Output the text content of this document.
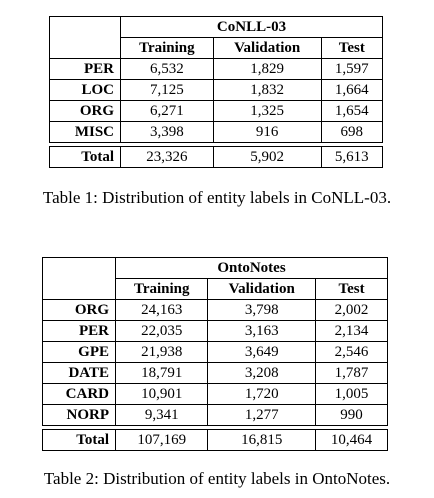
	CoNLL-03		
	Training	Validation	Test
PER	6,532	1,829	1,597
LOC	7,125	1,832	1,664
ORG	6,271	1,325	1,654
MISC	3,398	916	698

Total	23,326	5,902	5,613
Table 1: Distribution of entity labels in CoNLL-03.
	OntoNotes		
	Training	Validation	Test
ORG	24,163	3,798	2,002
PER	22,035	3,163	2,134
GPE	21,938	3,649	2,546
DATE	18,791	3,208	1,787
CARD	10,901	1,720	1,005
NORP	9,341	1,277	990

Total	107,169	16,815	10,464
Table 2: Distribution of entity labels in OntoNotes.
